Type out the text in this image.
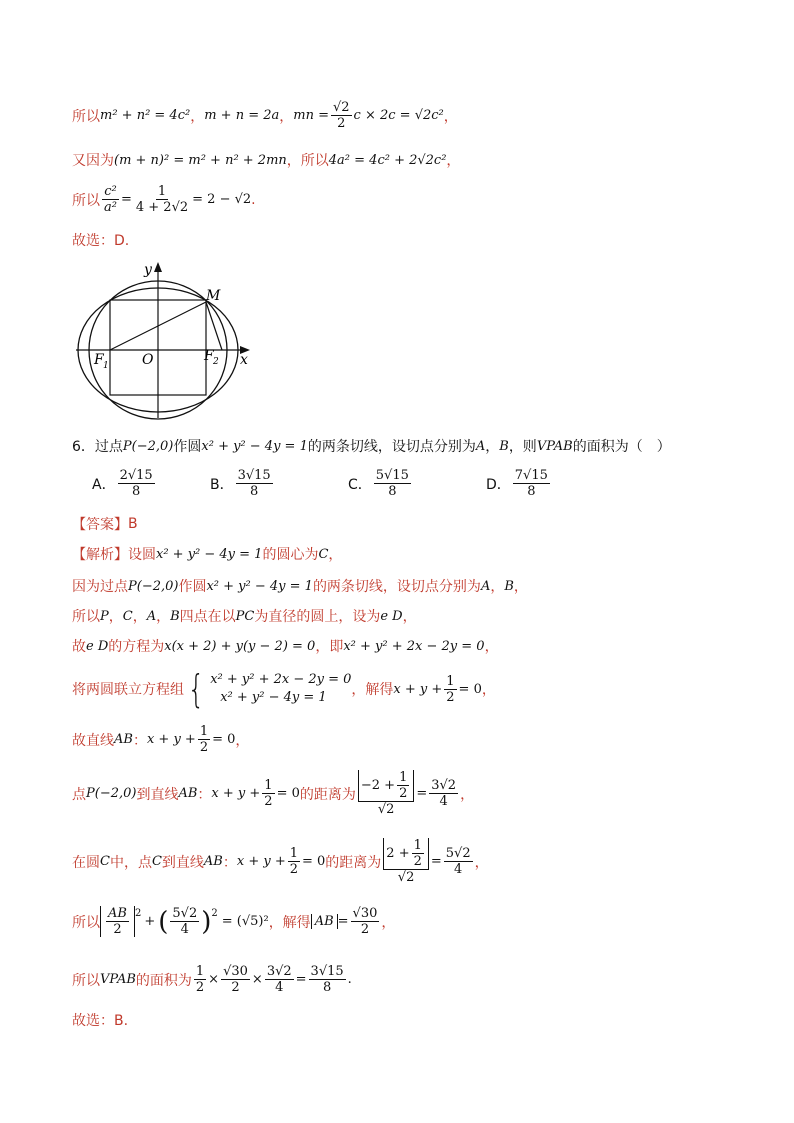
所以 m² + n² = 4c² ， m + n = 2a ， mn = $\frac{√2}{2}$ c × 2c = √2c² ，
又因为 (m + n)² = m² + n² + 2mn ，所以 4a² = 4c² + 2√2c² ，
所以 $\frac{\text{c²}}{\text{a²}} = \frac{1}{4 + 2√2} = 2 - √2$ .
故选：D.
y
x
M
O
F 1
F 2
6．过点 P(−2,0) 作圆 x² + y² − 4y = 1 的两条切线，设切点分别为 A ， B ，则 VPAB 的面积为（　）
A． $\frac{2√15}{8}$	B． $\frac{3√15}{8}$	C． $\frac{5√15}{8}$	D． $\frac{7√15}{8}$
【答案】 B
【解析】 设圆 x² + y² − 4y = 1 的圆心为 C ，
因为过点 P(−2,0) 作圆 x² + y² − 4y = 1 的两条切线，设切点分别为 A ， B ，
所以 P ， C ， A ， B 四点在以 PC 为直径的圆上，设为 e D ，
故 e D 的方程为 x(x + 2) + y(y − 2) = 0 ，即 x² + y² + 2x − 2y = 0 ，
将两圆联立方程组 { x² + y² + 2x − 2y = 0
x² + y² − 4y = 1	，解得 $x + y + \frac{1}{2} = 0$ ，
故直线 AB ： $x + y + \frac{1}{2} = 0$ ，
点 P(−2,0) 到直线 AB ： $x + y + \frac{1}{2} = 0$ 的距离为 $\frac{-2 + \frac{1}{2}}{√2} = \frac{3√2}{4}$ ，
在圆 C 中，点 C 到直线 AB ： $x + y + \frac{1}{2} = 0$ 的距离为 $\frac{2 + \frac{1}{2}}{√2} = \frac{5√2}{4}$ ，
所以 $\frac{AB}{2} 2$
+ ( $\frac{5√2}{4}$ ) 2
= (√5)² ，解得 AB = $\frac{√30}{2}$ ，
所以 VPAB 的面积为 $\frac{1}{2} \times \frac{√30}{2} \times \frac{3√2}{4} = \frac{3√15}{8}$ .
故选：B.
